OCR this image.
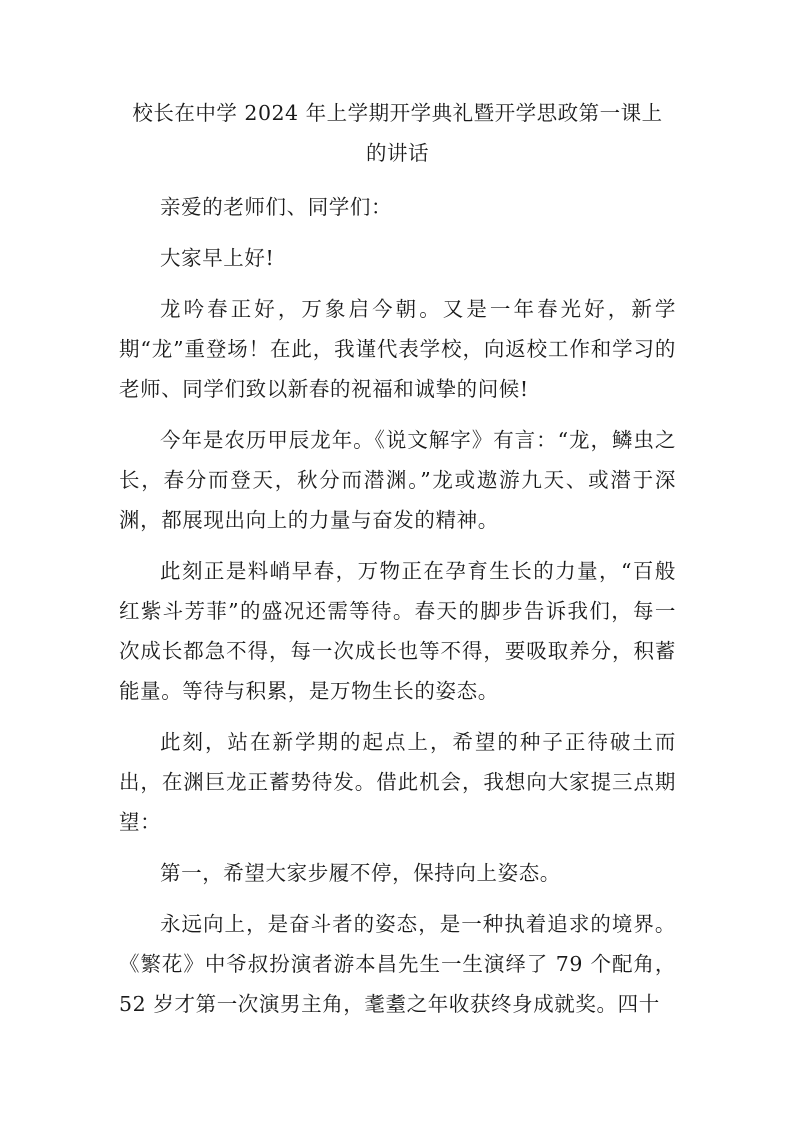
校长在中学 2024 年上学期开学典礼暨开学思政第一课上
的讲话

亲爱的老师们、同学们：

大家早上好!

龙吟春正好，万象启今朝。又是一年春光好，新学期“龙”重登场！在此，我谨代表学校，向返校工作和学习的老师、同学们致以新春的祝福和诚挚的问候!

今年是农历甲辰龙年。《说文解字》有言：“龙，鳞虫之长，春分而登天，秋分而潜渊。”龙或遨游九天、或潜于深渊，都展现出向上的力量与奋发的精神。

此刻正是料峭早春，万物正在孕育生长的力量，“百般红紫斗芳菲”的盛况还需等待。春天的脚步告诉我们，每一次成长都急不得，每一次成长也等不得，要吸取养分，积蓄能量。等待与积累，是万物生长的姿态。

此刻，站在新学期的起点上，希望的种子正待破土而出，在渊巨龙正蓄势待发。借此机会，我想向大家提三点期望：

第一，希望大家步履不停，保持向上姿态。

永远向上，是奋斗者的姿态，是一种执着追求的境界。《繁花》中爷叔扮演者游本昌先生一生演绎了 79 个配角，52 岁才第一次演男主角，耄耋之年收获终身成就奖。四十
